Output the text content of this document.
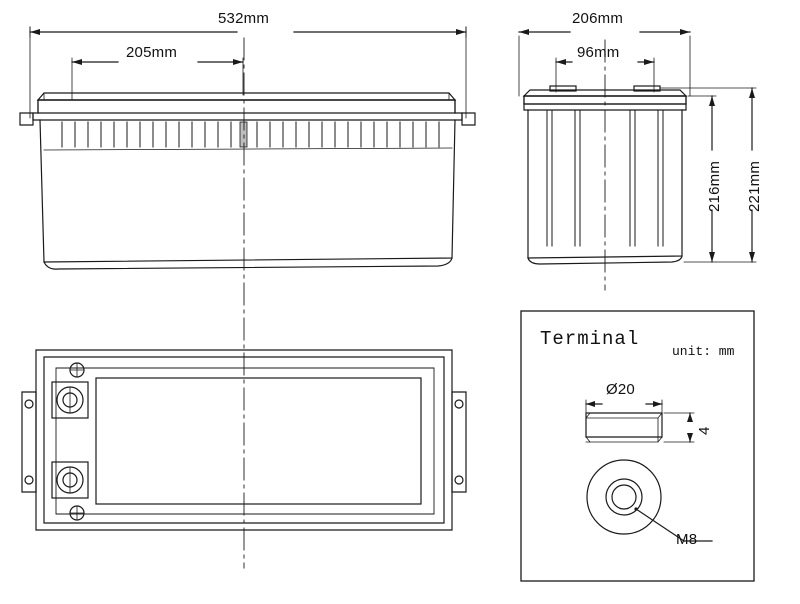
532mm
205mm
206mm
96mm
216mm 221mm
Terminal
unit: mm
Ø20
4
M8
